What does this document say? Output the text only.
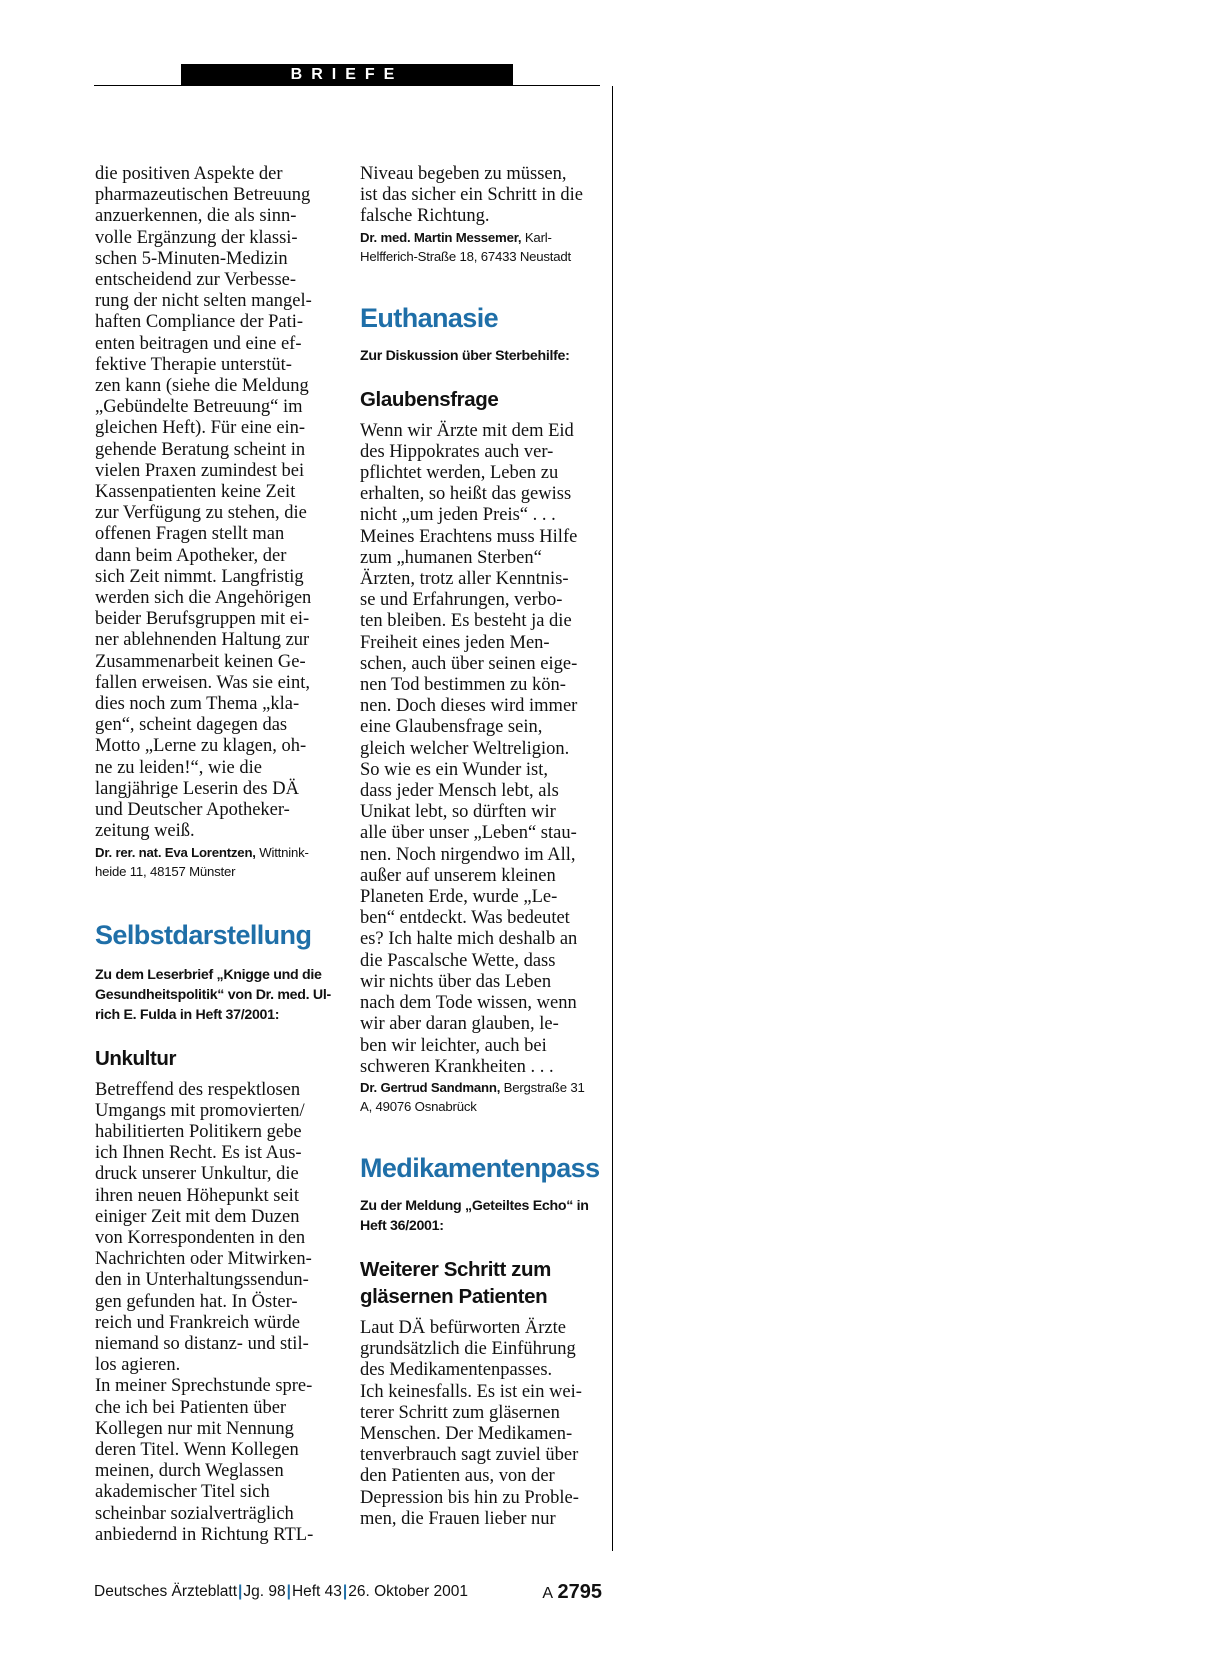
BRIEFE

die positiven Aspekte der
pharmazeutischen Betreuung
anzuerkennen, die als sinn-
volle Ergänzung der klassi-
schen 5-Minuten-Medizin
entscheidend zur Verbesse-
rung der nicht selten mangel-
haften Compliance der Pati-
enten beitragen und eine ef-
fektive Therapie unterstüt-
zen kann (siehe die Meldung
„Gebündelte Betreuung“ im
gleichen Heft). Für eine ein-
gehende Beratung scheint in
vielen Praxen zumindest bei
Kassenpatienten keine Zeit
zur Verfügung zu stehen, die
offenen Fragen stellt man
dann beim Apotheker, der
sich Zeit nimmt. Langfristig
werden sich die Angehörigen
beider Berufsgruppen mit ei-
ner ablehnenden Haltung zur
Zusammenarbeit keinen Ge-
fallen erweisen. Was sie eint,
dies noch zum Thema „kla-
gen“, scheint dagegen das
Motto „Lerne zu klagen, oh-
ne zu leiden!“, wie die
langjährige Leserin des DÄ
und Deutscher Apotheker-
zeitung weiß.

Dr. rer. nat. Eva Lorentzen, Wittnink-
heide 11, 48157 Münster

Selbstdarstellung

Zu dem Leserbrief „Knigge und die
Gesundheitspolitik“ von Dr. med. Ul-
rich E. Fulda in Heft 37/2001:

Unkultur

Betreffend des respektlosen
Umgangs mit promovierten/
habilitierten Politikern gebe
ich Ihnen Recht. Es ist Aus-
druck unserer Unkultur, die
ihren neuen Höhepunkt seit
einiger Zeit mit dem Duzen
von Korrespondenten in den
Nachrichten oder Mitwirken-
den in Unterhaltungssendun-
gen gefunden hat. In Öster-
reich und Frankreich würde
niemand so distanz- und stil-
los agieren.
In meiner Sprechstunde spre-
che ich bei Patienten über
Kollegen nur mit Nennung
deren Titel. Wenn Kollegen
meinen, durch Weglassen
akademischer Titel sich
scheinbar sozialverträglich
anbiedernd in Richtung RTL-

Niveau begeben zu müssen,
ist das sicher ein Schritt in die
falsche Richtung.

Dr. med. Martin Messemer, Karl-
Helfferich-Straße 18, 67433 Neustadt

Euthanasie

Zur Diskussion über Sterbehilfe:

Glaubensfrage

Wenn wir Ärzte mit dem Eid
des Hippokrates auch ver-
pflichtet werden, Leben zu
erhalten, so heißt das gewiss
nicht „um jeden Preis“ . . .
Meines Erachtens muss Hilfe
zum „humanen Sterben“
Ärzten, trotz aller Kenntnis-
se und Erfahrungen, verbo-
ten bleiben. Es besteht ja die
Freiheit eines jeden Men-
schen, auch über seinen eige-
nen Tod bestimmen zu kön-
nen. Doch dieses wird immer
eine Glaubensfrage sein,
gleich welcher Weltreligion.
So wie es ein Wunder ist,
dass jeder Mensch lebt, als
Unikat lebt, so dürften wir
alle über unser „Leben“ stau-
nen. Noch nirgendwo im All,
außer auf unserem kleinen
Planeten Erde, wurde „Le-
ben“ entdeckt. Was bedeutet
es? Ich halte mich deshalb an
die Pascalsche Wette, dass
wir nichts über das Leben
nach dem Tode wissen, wenn
wir aber daran glauben, le-
ben wir leichter, auch bei
schweren Krankheiten . . .

Dr. Gertrud Sandmann, Bergstraße 31
A, 49076 Osnabrück

Medikamentenpass

Zu der Meldung „Geteiltes Echo“ in
Heft 36/2001:

Weiterer Schritt zum
gläsernen Patienten

Laut DÄ befürworten Ärzte
grundsätzlich die Einführung
des Medikamentenpasses.
Ich keinesfalls. Es ist ein wei-
terer Schritt zum gläsernen
Menschen. Der Medikamen-
tenverbrauch sagt zuviel über
den Patienten aus, von der
Depression bis hin zu Proble-
men, die Frauen lieber nur

Deutsches Ärzteblatt|Jg. 98|Heft 43|26. Oktober 2001	A 2795
